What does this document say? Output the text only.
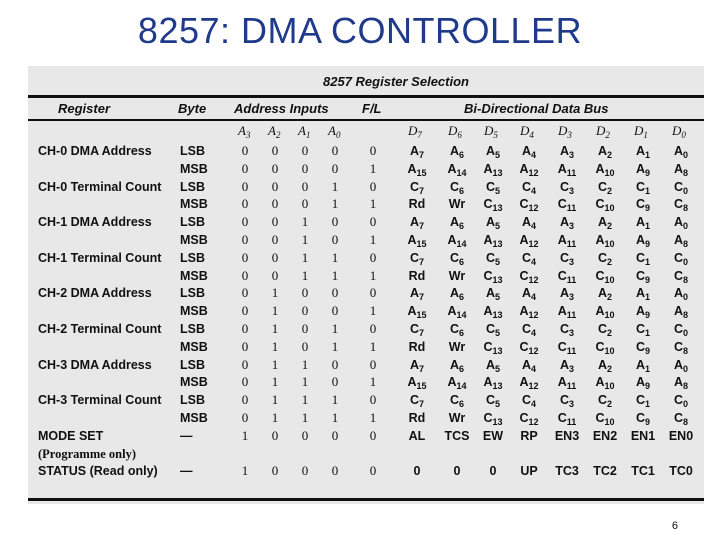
8257: DMA CONTROLLER
8257 Register Selection
Register	Byte Address Inputs	F/L	Bi-Directional Data Bus
$A_3$ $A_2$ $A_1$ $A_0$	$D_7$ $D_6$ $D_5$ $D_4$ $D_3$ $D_2$ $D_1$ $D_0$
CH-0 DMA Address LSB	0	0	0	0	0	$A_7$	$A_6$	$A_5$	$A_4$	$A_3$	$A_2$	$A_1$	$A_0$
MSB	0	0	0	0	1	$A_{15}$	$A_{14}$	$A_{13}$	$A_{12}$	$A_{11}$	$A_{10}$	$A_9$	$A_8$
CH-0 Terminal Count LSB	0	0	0	1	0	$C_7$	$C_6$	$C_5$	$C_4$	$C_3$	$C_2$	$C_1$	$C_0$
MSB	0	0	0	1	1	Rd	Wr	$C_{13}$	$C_{12}$	$C_{11}$	$C_{10}$	$C_9$	$C_8$
CH-1 DMA Address LSB	0	0	1	0	0	$A_7$	$A_6$	$A_5$	$A_4$	$A_3$	$A_2$	$A_1$	$A_0$
MSB	0	0	1	0	1	$A_{15}$	$A_{14}$	$A_{13}$	$A_{12}$	$A_{11}$	$A_{10}$	$A_9$	$A_8$
CH-1 Terminal Count LSB	0	0	1	1	0	$C_7$	$C_6$	$C_5$	$C_4$	$C_3$	$C_2$	$C_1$	$C_0$
MSB	0	0	1	1	1	Rd	Wr	$C_{13}$	$C_{12}$	$C_{11}$	$C_{10}$	$C_9$	$C_8$
CH-2 DMA Address LSB	0	1	0	0	0	$A_7$	$A_6$	$A_5$	$A_4$	$A_3$	$A_2$	$A_1$	$A_0$
MSB	0	1	0	0	1	$A_{15}$	$A_{14}$	$A_{13}$	$A_{12}$	$A_{11}$	$A_{10}$	$A_9$	$A_8$
CH-2 Terminal Count LSB	0	1	0	1	0	$C_7$	$C_6$	$C_5$	$C_4$	$C_3$	$C_2$	$C_1$	$C_0$
MSB	0	1	0	1	1	Rd	Wr	$C_{13}$	$C_{12}$	$C_{11}$	$C_{10}$	$C_9$	$C_8$
CH-3 DMA Address LSB	0	1	1	0	0	$A_7$	$A_6$	$A_5$	$A_4$	$A_3$	$A_2$	$A_1$	$A_0$
MSB	0	1	1	0	1	$A_{15}$	$A_{14}$	$A_{13}$	$A_{12}$	$A_{11}$	$A_{10}$	$A_9$	$A_8$
CH-3 Terminal Count LSB	0	1	1	1	0	$C_7$	$C_6$	$C_5$	$C_4$	$C_3$	$C_2$	$C_1$	$C_0$
MSB	0	1	1	1	1	Rd	Wr	$C_{13}$	$C_{12}$	$C_{11}$	$C_{10}$	$C_9$	$C_8$
MODE SET	—	1	0	0	0	0	AL	TCS	EW	RP	EN3	EN2	EN1	EN0
(Programme only)
STATUS (Read only) —	1	0	0	0	0	0	0	0	UP	TC3	TC2	TC1	TC0
6
